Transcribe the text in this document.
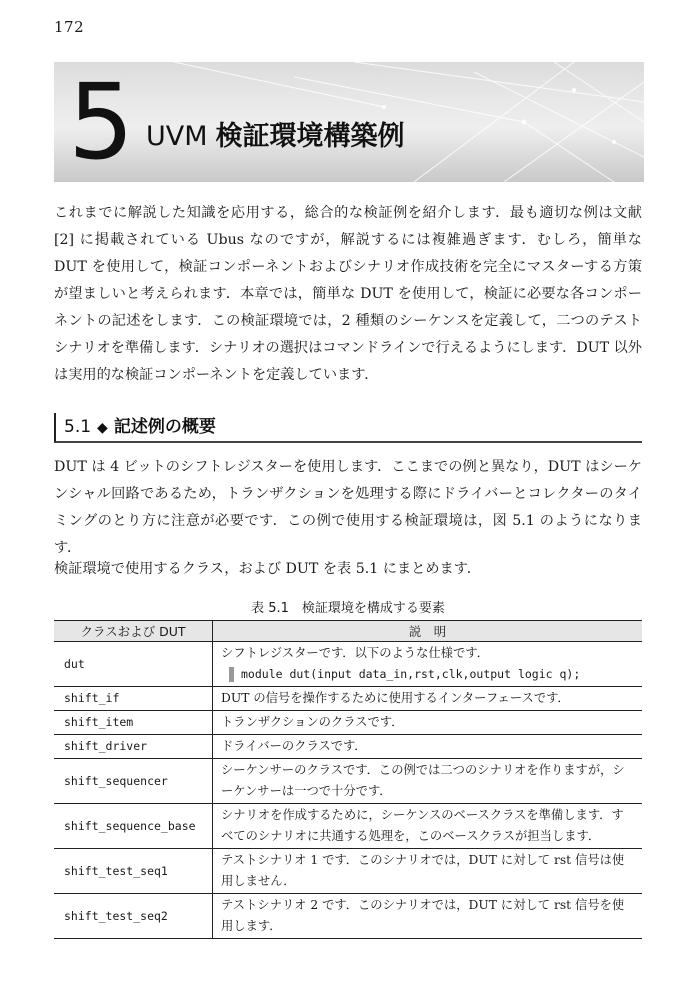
172
5 UVM 検証環境構築例

これまでに解説した知識を応用する，総合的な検証例を紹介します．最も適切な例は文献 [2] に掲載されている Ubus なのですが，解説するには複雑過ぎます．むしろ，簡単な DUT を使用して，検証コンポーネントおよびシナリオ作成技術を完全にマスターする方策が望ましいと考えられます．本章では，簡単な DUT を使用して，検証に必要な各コンポーネントの記述をします．この検証環境では，2 種類のシーケンスを定義して，二つのテストシナリオを準備します．シナリオの選択はコマンドラインで行えるようにします．DUT 以外は実用的な検証コンポーネントを定義しています．

5.1 ◆ 記述例の概要

DUT は 4 ビットのシフトレジスターを使用します．ここまでの例と異なり，DUT はシーケンシャル回路であるため，トランザクションを処理する際にドライバーとコレクターのタイミングのとり方に注意が必要です．この例で使用する検証環境は，図 5.1 のようになります．

検証環境で使用するクラス，および DUT を表 5.1 にまとめます．

表 5.1　検証環境を構成する要素
クラスおよび DUT	説　明
dut	シフトレジスターです．以下のような仕様です．
module dut(input data_in,rst,clk,output logic q);

shift_if	DUT の信号を操作するために使用するインターフェースです．
shift_item	トランザクションのクラスです．
shift_driver	ドライバーのクラスです．
shift_sequencer	シーケンサーのクラスです．この例では二つのシナリオを作りますが，シーケンサーは一つで十分です．
shift_sequence_base	シナリオを作成するために，シーケンスのベースクラスを準備します．すべてのシナリオに共通する処理を，このベースクラスが担当します．
shift_test_seq1	テストシナリオ 1 です．このシナリオでは，DUT に対して rst 信号は使用しません．
shift_test_seq2	テストシナリオ 2 です．このシナリオでは，DUT に対して rst 信号を使用します．
